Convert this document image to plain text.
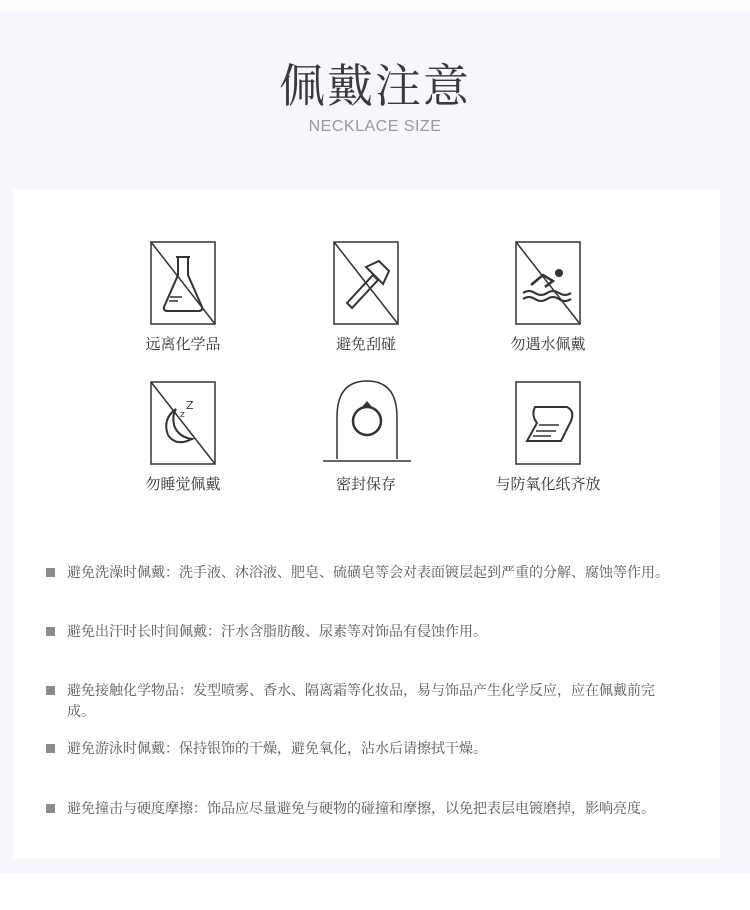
佩戴注意
NECKLACE SIZE
远离化学品	避免刮碰	勿遇水佩戴
z
Z
勿睡觉佩戴	密封保存	与防氧化纸齐放
避免洗澡时佩戴：洗手液、沐浴液、肥皂、硫磺皂等会对表面镀层起到严重的分解、腐蚀等作用。
避免出汗时长时间佩戴：汗水含脂肪酸、尿素等对饰品有侵蚀作用。
避免接触化学物品：发型喷雾、香水、隔离霜等化妆品，易与饰品产生化学反应，应在佩戴前完成。
避免游泳时佩戴：保持银饰的干燥，避免氧化，沾水后请擦拭干燥。
避免撞击与硬度摩擦：饰品应尽量避免与硬物的碰撞和摩擦，以免把表层电镀磨掉，影响亮度。
